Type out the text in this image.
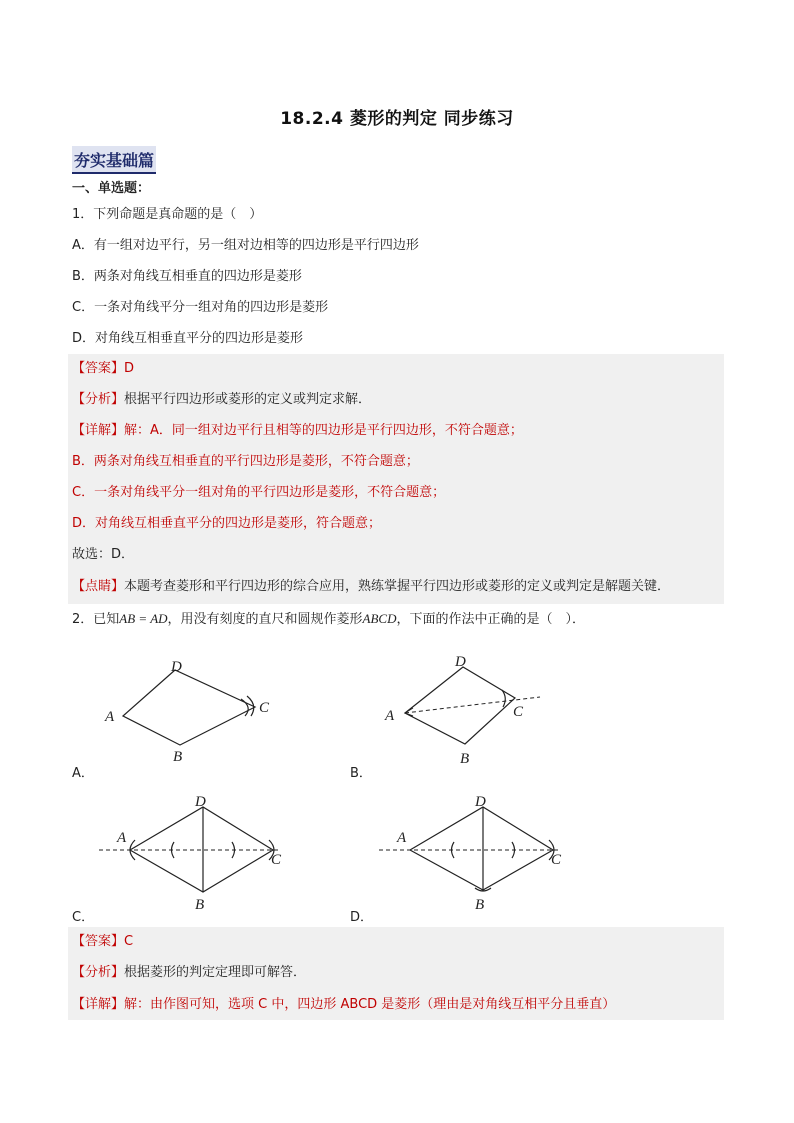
18.2.4 菱形的判定 同步练习
夯实基础篇
一、单选题：
1．下列命题是真命题的是（　）
A．有一组对边平行，另一组对边相等的四边形是平行四边形
B．两条对角线互相垂直的四边形是菱形
C．一条对角线平分一组对角的四边形是菱形
D．对角线互相垂直平分的四边形是菱形
【答案】D
【分析】根据平行四边形或菱形的定义或判定求解．
【详解】解：A．同一组对边平行且相等的四边形是平行四边形，不符合题意；
B．两条对角线互相垂直的平行四边形是菱形，不符合题意；
C．一条对角线平分一组对角的平行四边形是菱形，不符合题意；
D．对角线互相垂直平分的四边形是菱形，符合题意；
故选：D．
【点睛】本题考查菱形和平行四边形的综合应用，熟练掌握平行四边形或菱形的定义或判定是解题关键．
2．已知AB = AD，用没有刻度的直尺和圆规作菱形ABCD，下面的作法中正确的是（　）．
A
B
C
D
A．
A
B
C
D
B．
A
B
C
D
C．
A
B
C
D
D．
【答案】C
【分析】根据菱形的判定定理即可解答．
【详解】解：由作图可知，选项 C 中，四边形 ABCD 是菱形（理由是对角线互相平分且垂直）
